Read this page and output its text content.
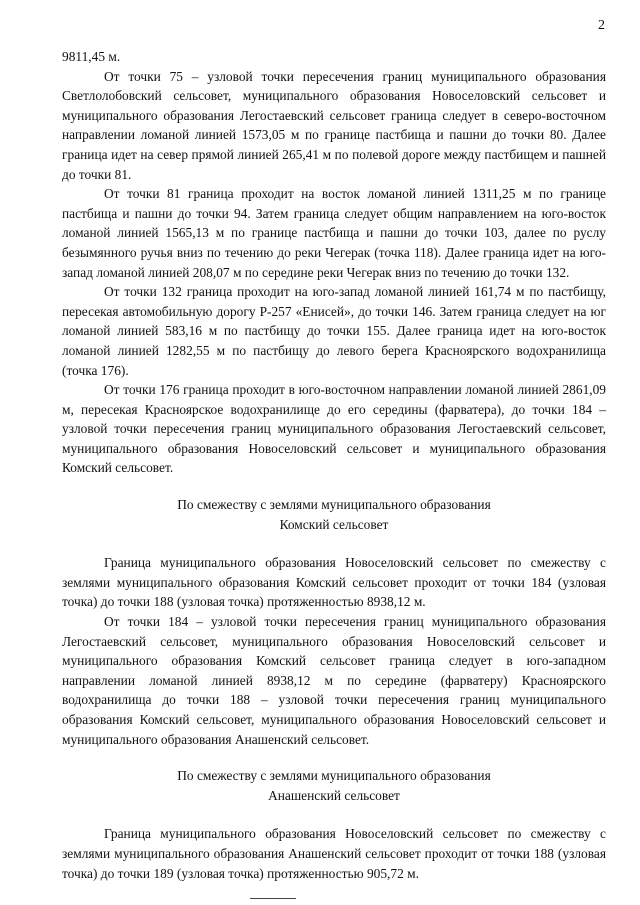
2

9811,45 м.

От точки 75 – узловой точки пересечения границ муниципального образования Светлолобовский сельсовет, муниципального образования Новоселовский сельсовет и муниципального образования Легостаевский сельсовет граница следует в северо-восточном направлении ломаной линией 1573,05 м по границе пастбища и пашни до точки 80. Далее граница идет на север прямой линией 265,41 м по полевой дороге между пастбищем и пашней до точки 81.

От точки 81 граница проходит на восток ломаной линией 1311,25 м по границе пастбища и пашни до точки 94. Затем граница следует общим направлением на юго-восток ломаной линией 1565,13 м по границе пастбища и пашни до точки 103, далее по руслу безымянного ручья вниз по течению до реки Чегерак (точка 118). Далее граница идет на юго-запад ломаной линией 208,07 м по середине реки Чегерак вниз по течению до точки 132.

От точки 132 граница проходит на юго-запад ломаной линией 161,74 м по пастбищу, пересекая автомобильную дорогу Р-257 «Енисей», до точки 146. Затем граница следует на юг ломаной линией 583,16 м по пастбищу до точки 155. Далее граница идет на юго-восток ломаной линией 1282,55 м по пастбищу до левого берега Красноярского водохранилища (точка 176).

От точки 176 граница проходит в юго-восточном направлении ломаной линией 2861,09 м, пересекая Красноярское водохранилище до его середины (фарватера), до точки 184 – узловой точки пересечения границ муниципального образования Легостаевский сельсовет, муниципального образования Новоселовский сельсовет и муниципального образования Комский сельсовет.

По смежеству с землями муниципального образования
Комский сельсовет

Граница муниципального образования Новоселовский сельсовет по смежеству с землями муниципального образования Комский сельсовет проходит от точки 184 (узловая точка) до точки 188 (узловая точка) протяженностью 8938,12 м.

От точки 184 – узловой точки пересечения границ муниципального образования Легостаевский сельсовет, муниципального образования Новоселовский сельсовет и муниципального образования Комский сельсовет граница следует в юго-западном направлении ломаной линией 8938,12 м по середине (фарватеру) Красноярского водохранилища до точки 188 – узловой точки пересечения границ муниципального образования Комский сельсовет, муниципального образования Новоселовский сельсовет и муниципального образования Анашенский сельсовет.

По смежеству с землями муниципального образования
Анашенский сельсовет

Граница муниципального образования Новоселовский сельсовет по смежеству с землями муниципального образования Анашенский сельсовет проходит от точки 188 (узловая точка) до точки 189 (узловая точка) протяженностью 905,72 м.
